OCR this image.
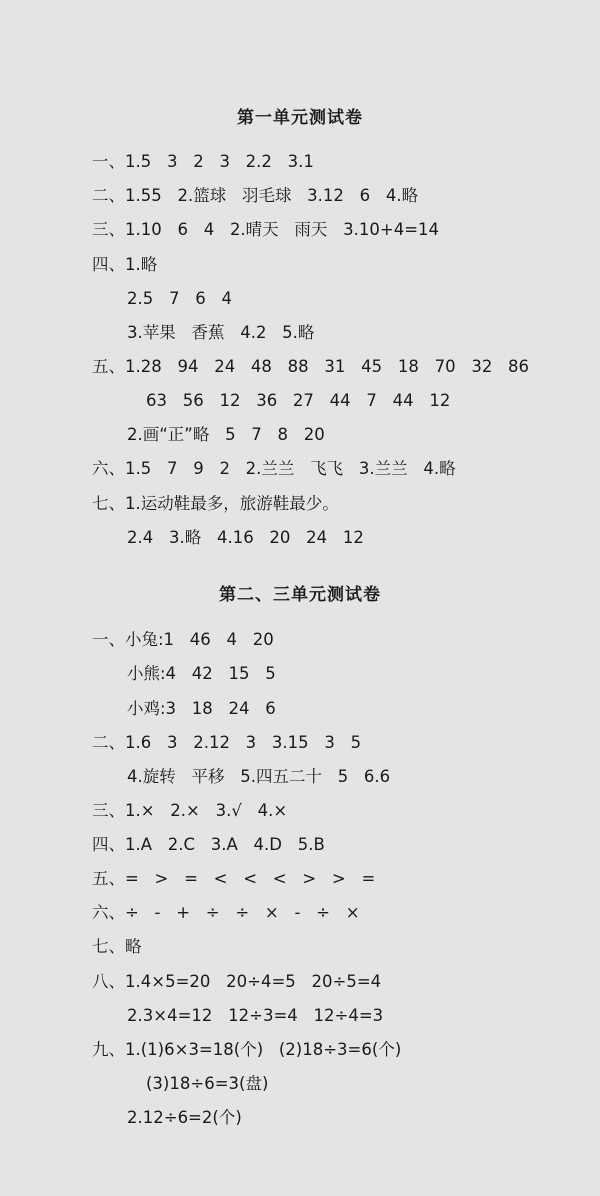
第一单元测试卷
一、1.5   3   2   3   2.2   3.1
二、1.55   2.篮球   羽毛球   3.12   6   4.略
三、1.10   6   4   2.晴天   雨天   3.10+4=14
四、1.略
2.5   7   6   4
3.苹果   香蕉   4.2   5.略
五、1.28   94   24   48   88   31   45   18   70   32   86
63   56   12   36   27   44   7   44   12
2.画“正”略   5   7   8   20
六、1.5   7   9   2   2.兰兰   飞飞   3.兰兰   4.略
七、1.运动鞋最多，旅游鞋最少。
2.4   3.略   4.16   20   24   12
第二、三单元测试卷
一、小兔:1   46   4   20
小熊:4   42   15   5
小鸡:3   18   24   6
二、1.6   3   2.12   3   3.15   3   5
4.旋转   平移   5.四五二十   5   6.6
三、1.×   2.×   3.√   4.×
四、1.A   2.C   3.A   4.D   5.B
五、=   >   =   <   <   <   >   >   =
六、÷   -   +   ÷   ÷   ×   -   ÷   ×
七、略
八、1.4×5=20   20÷4=5   20÷5=4
2.3×4=12   12÷3=4   12÷4=3
九、1.(1)6×3=18(个)   (2)18÷3=6(个)
(3)18÷6=3(盘)
2.12÷6=2(个)
